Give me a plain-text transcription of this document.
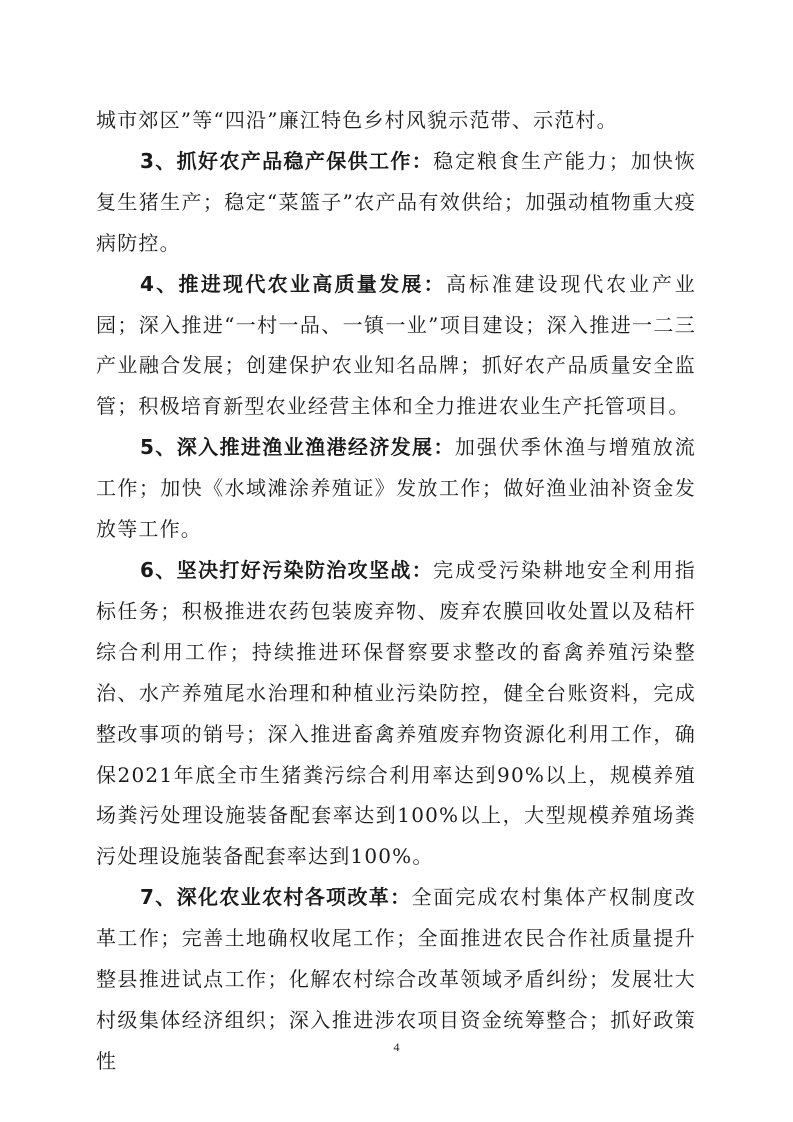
城市郊区”等“四沿”廉江特色乡村风貌示范带、示范村。

3、抓好农产品稳产保供工作：稳定粮食生产能力；加快恢复生猪生产；稳定“菜篮子”农产品有效供给；加强动植物重大疫病防控。

4、推进现代农业高质量发展：高标准建设现代农业产业园；深入推进“一村一品、一镇一业”项目建设；深入推进一二三产业融合发展；创建保护农业知名品牌；抓好农产品质量安全监管；积极培育新型农业经营主体和全力推进农业生产托管项目。

5、深入推进渔业渔港经济发展：加强伏季休渔与增殖放流工作；加快《水域滩涂养殖证》发放工作；做好渔业油补资金发放等工作。

6、坚决打好污染防治攻坚战：完成受污染耕地安全利用指标任务；积极推进农药包装废弃物、废弃农膜回收处置以及秸杆综合利用工作；持续推进环保督察要求整改的畜禽养殖污染整治、水产养殖尾水治理和种植业污染防控，健全台账资料，完成整改事项的销号；深入推进畜禽养殖废弃物资源化利用工作，确保2021年底全市生猪粪污综合利用率达到90%以上，规模养殖场粪污处理设施装备配套率达到100%以上，大型规模养殖场粪污处理设施装备配套率达到100%。

7、深化农业农村各项改革：全面完成农村集体产权制度改革工作；完善土地确权收尾工作；全面推进农民合作社质量提升整县推进试点工作；化解农村综合改革领域矛盾纠纷；发展壮大村级集体经济组织；深入推进涉农项目资金统筹整合；抓好政策性

4
